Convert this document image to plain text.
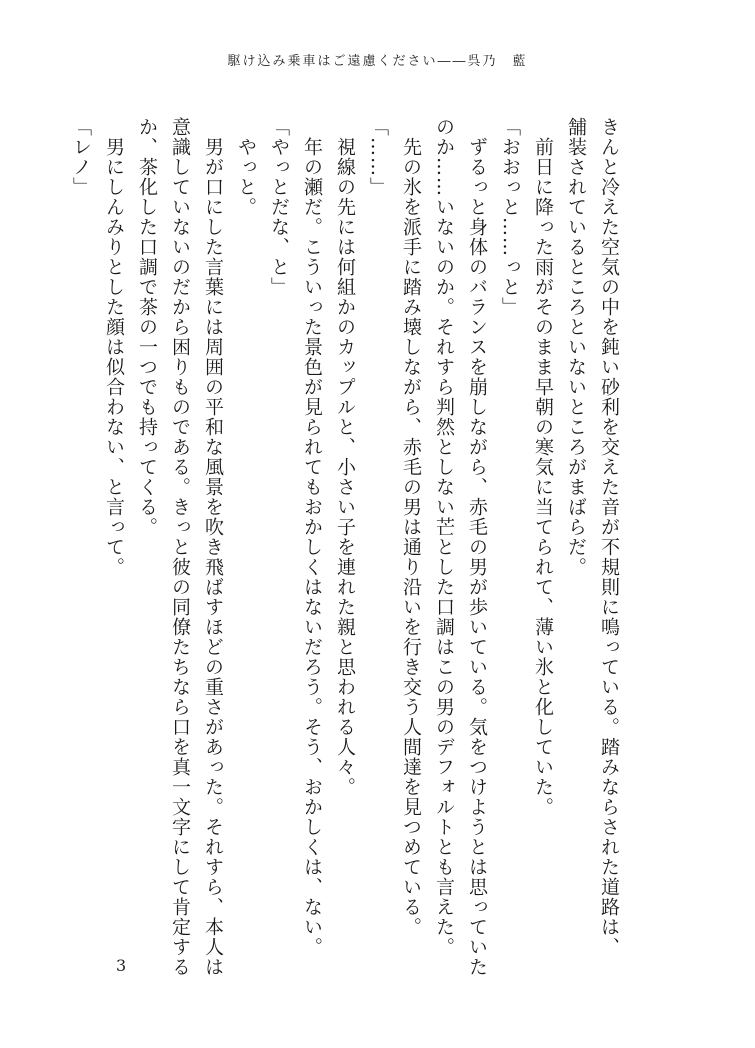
駆け込み乗車はご遠慮ください――呉乃　藍

きんと冷えた空気の中を鈍い砂利を交えた音が不規則に鳴っている。踏みならされた道路は、

舗装されているところといないところがまばらだ。

　前日に降った雨がそのまま早朝の寒気に当てられて、薄い氷と化していた。

「おおっと……っと」

　ずるっと身体のバランスを崩しながら、赤毛の男が歩いている。気をつけようとは思っていた

のか……いないのか。それすら判然としない芒とした口調はこの男のデフォルトとも言えた。

　先の氷を派手に踏み壊しながら、赤毛の男は通り沿いを行き交う人間達を見つめている。

「……」

　視線の先には何組かのカップルと、小さい子を連れた親と思われる人々。

　年の瀬だ。こういった景色が見られてもおかしくはないだろう。そう、おかしくは、ない。

「やっとだな、と」

　やっと。

　男が口にした言葉には周囲の平和な風景を吹き飛ばすほどの重さがあった。それすら、本人は

意識していないのだから困りものである。きっと彼の同僚たちなら口を真一文字にして肯定する

か、茶化した口調で茶の一つでも持ってくる。

　男にしんみりとした顔は似合わない、と言って。

「レノ」

3
